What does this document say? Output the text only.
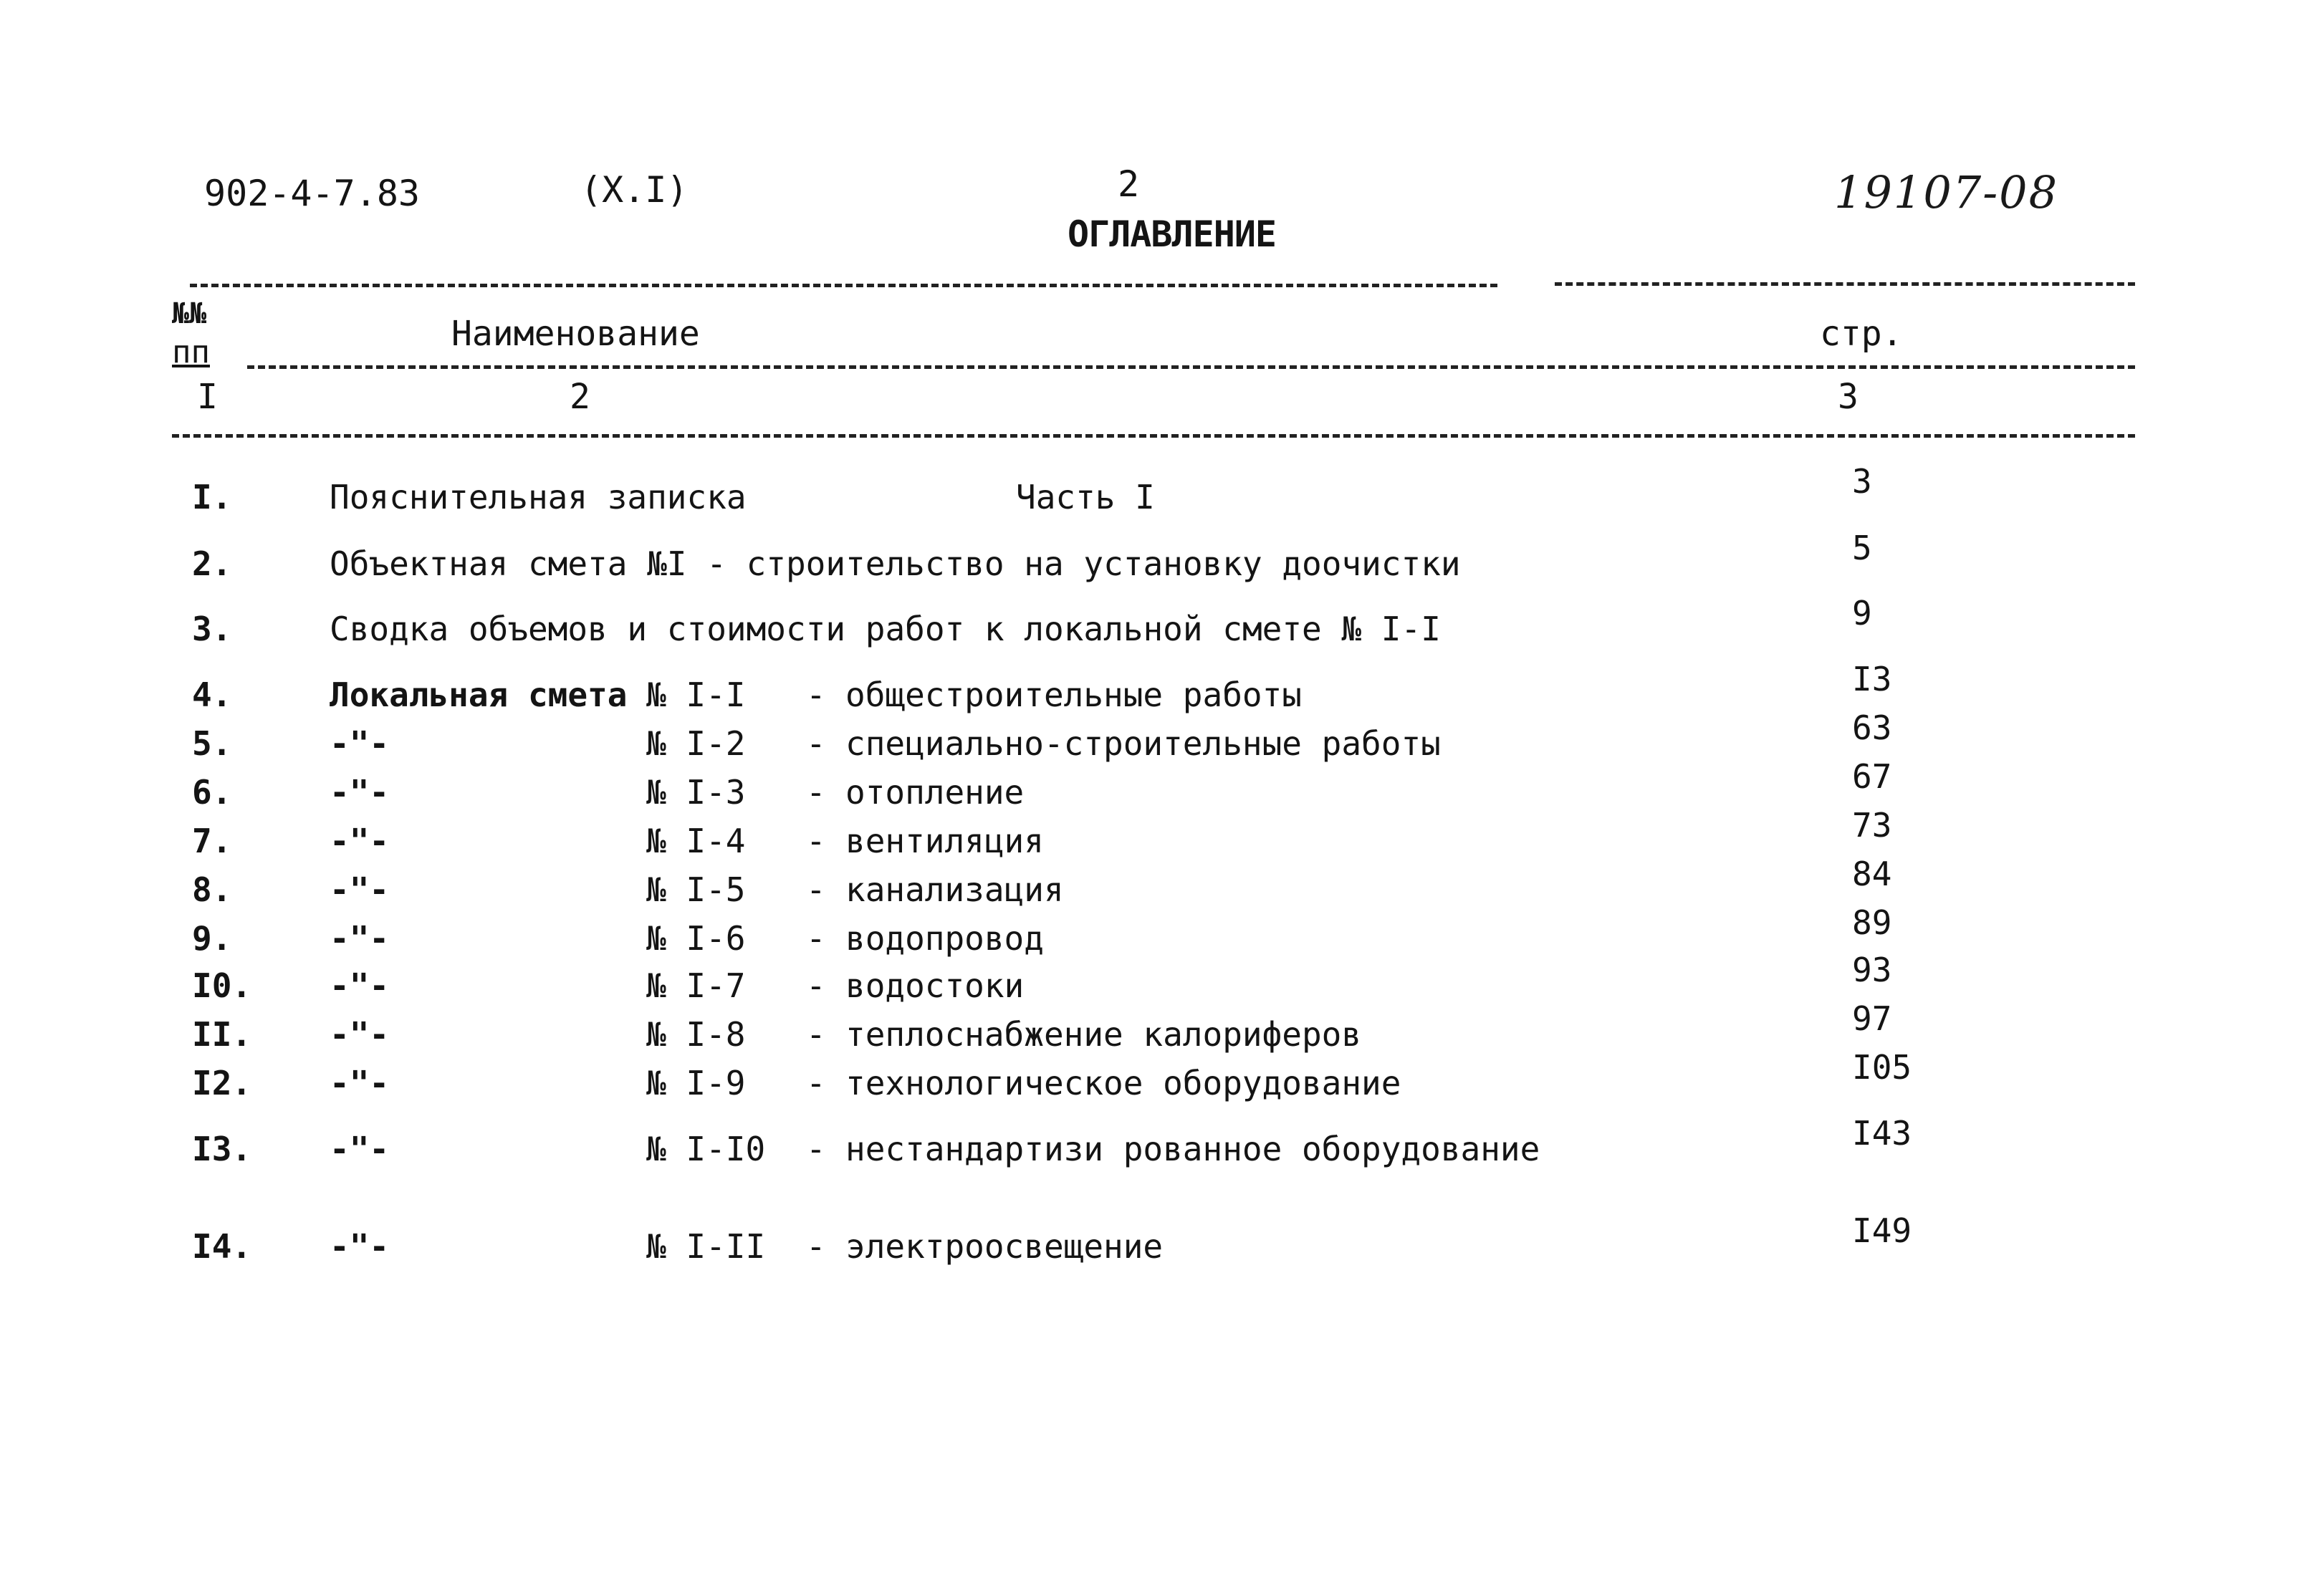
902-4-7.83	(X.I)	2
ОГЛАВЛЕНИЕ
19107-08
№№
пп	Наименование	стр.
I	2	3
I.	Пояснительная записка	Часть I	3
2.	Объектная смета №I - строительство на установку доочистки	5
3.	Сводка объемов и стоимости работ к локальной смете № I-I	9
4.	Локальная смета № I-I - общестроительные работы	I3
5.	-"-	№ I-2 - специально-строительные работы	63
6.	-"-	№ I-3 - отопление	67
7.	-"-	№ I-4 - вентиляция	73
8.	-"-	№ I-5 - канализация	84
9.	-"-	№ I-6 - водопровод	89
I0. -"-	№ I-7 - водостоки	93
II. -"-	№ I-8 - теплоснабжение калориферов	97
I2. -"-	№ I-9 - технологическое оборудование	I05
I3. -"-	№ I-I0 - нестандартизи рованное оборудование	I43
I4. -"-	№ I-II - электроосвещение	I49
